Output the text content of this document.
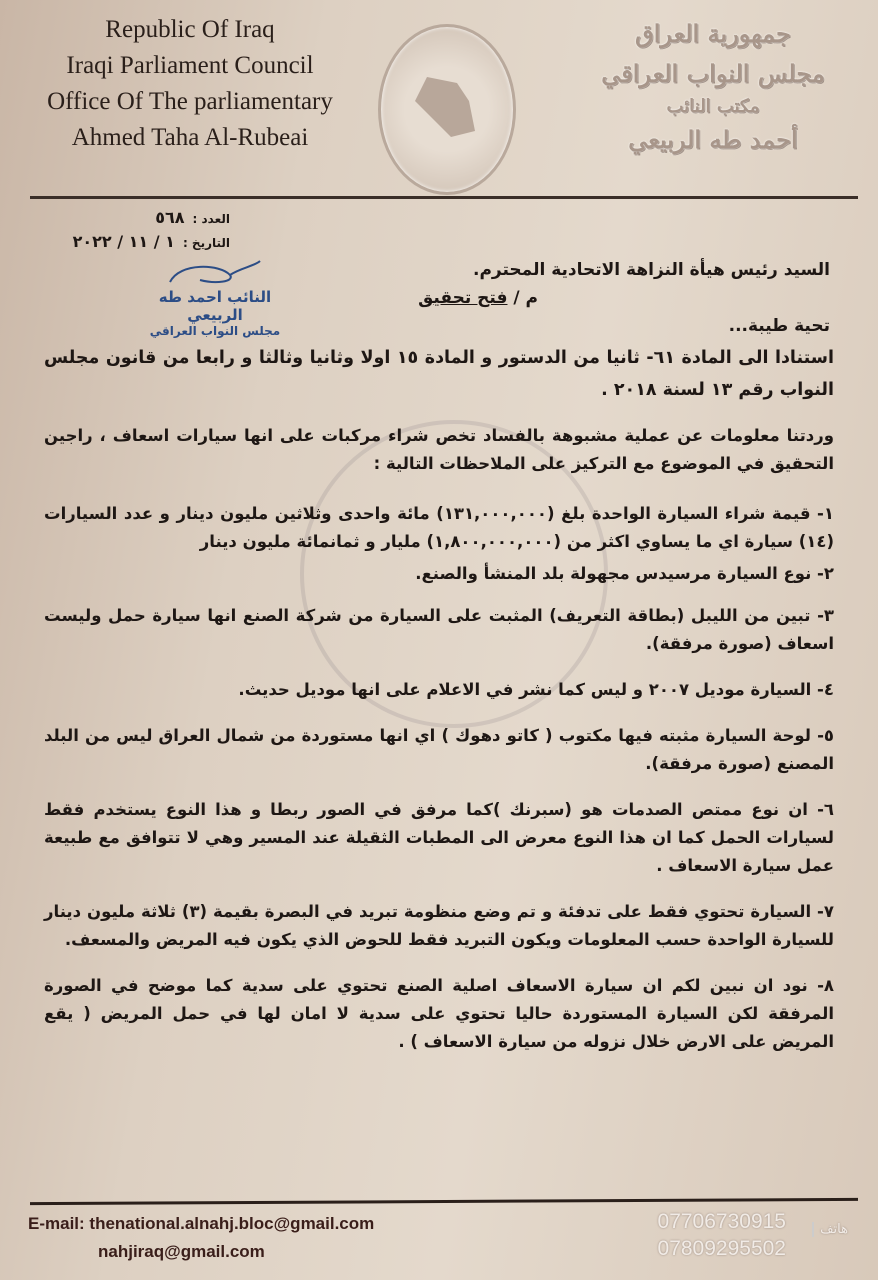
Republic Of Iraq
Iraqi Parliament Council
Office Of The parliamentary
Ahmed Taha Al-Rubeai
جمهورية العراق
مجلس النواب العراقي
مكتب النائب
أحمد طه الربيعي
العدد :٥٦٨
التاريخ :١ / ١١ / ٢٠٢٢
النائب احمد طه الربيعي
مجلس النواب العراقي
السيد رئيس هيأة النزاهة الاتحادية المحترم.
م / فتح تحقيق
تحية طيبة...
استنادا الى المادة ٦١- ثانيا من الدستور و المادة ١٥ اولا وثانيا وثالثا و رابعا من قانون مجلس النواب رقم ١٣ لسنة ٢٠١٨ .
وردتنا معلومات عن عملية مشبوهة بالفساد تخص شراء مركبات على انها سيارات اسعاف ، راجين التحقيق في الموضوع مع التركيز على الملاحظات التالية :
١- قيمة شراء السيارة الواحدة بلغ (١٣١,٠٠٠,٠٠٠) مائة واحدى وثلاثين مليون دينار و عدد السيارات (١٤) سيارة اي ما يساوي اكثر من (١,٨٠٠,٠٠٠,٠٠٠) مليار و ثمانمائة مليون دينار
٢- نوع السيارة مرسيدس مجهولة بلد المنشأ والصنع.
٣- تبين من الليبل (بطاقة التعريف) المثبت على السيارة من شركة الصنع انها سيارة حمل وليست اسعاف (صورة مرفقة).
٤- السيارة موديل ٢٠٠٧ و ليس كما نشر في الاعلام على انها موديل حديث.
٥- لوحة السيارة مثبته فيها مكتوب ( كاتو دهوك ) اي انها مستوردة من شمال العراق ليس من البلد المصنع (صورة مرفقة).
٦- ان نوع ممتص الصدمات هو (سبرنك )كما مرفق في الصور ربطا و هذا النوع يستخدم فقط لسيارات الحمل كما ان هذا النوع معرض الى المطبات الثقيلة عند المسير وهي لا تتوافق مع طبيعة عمل سيارة الاسعاف .
٧- السيارة تحتوي فقط على تدفئة و تم وضع منظومة تبريد في البصرة بقيمة (٣) ثلاثة مليون دينار للسيارة الواحدة حسب المعلومات ويكون التبريد فقط للحوض الذي يكون فيه المريض والمسعف.
٨- نود ان نبين لكم ان سيارة الاسعاف اصلية الصنع تحتوي على سدية كما موضح في الصورة المرفقة لكن السيارة المستوردة حاليا تحتوي على سدية لا امان لها في حمل المريض ( يقع المريض على الارض خلال نزوله من سيارة الاسعاف ) .
E-mail: thenational.alnahj.bloc@gmail.com
nahjiraq@gmail.com
07706730915
07809295502
هاتف
